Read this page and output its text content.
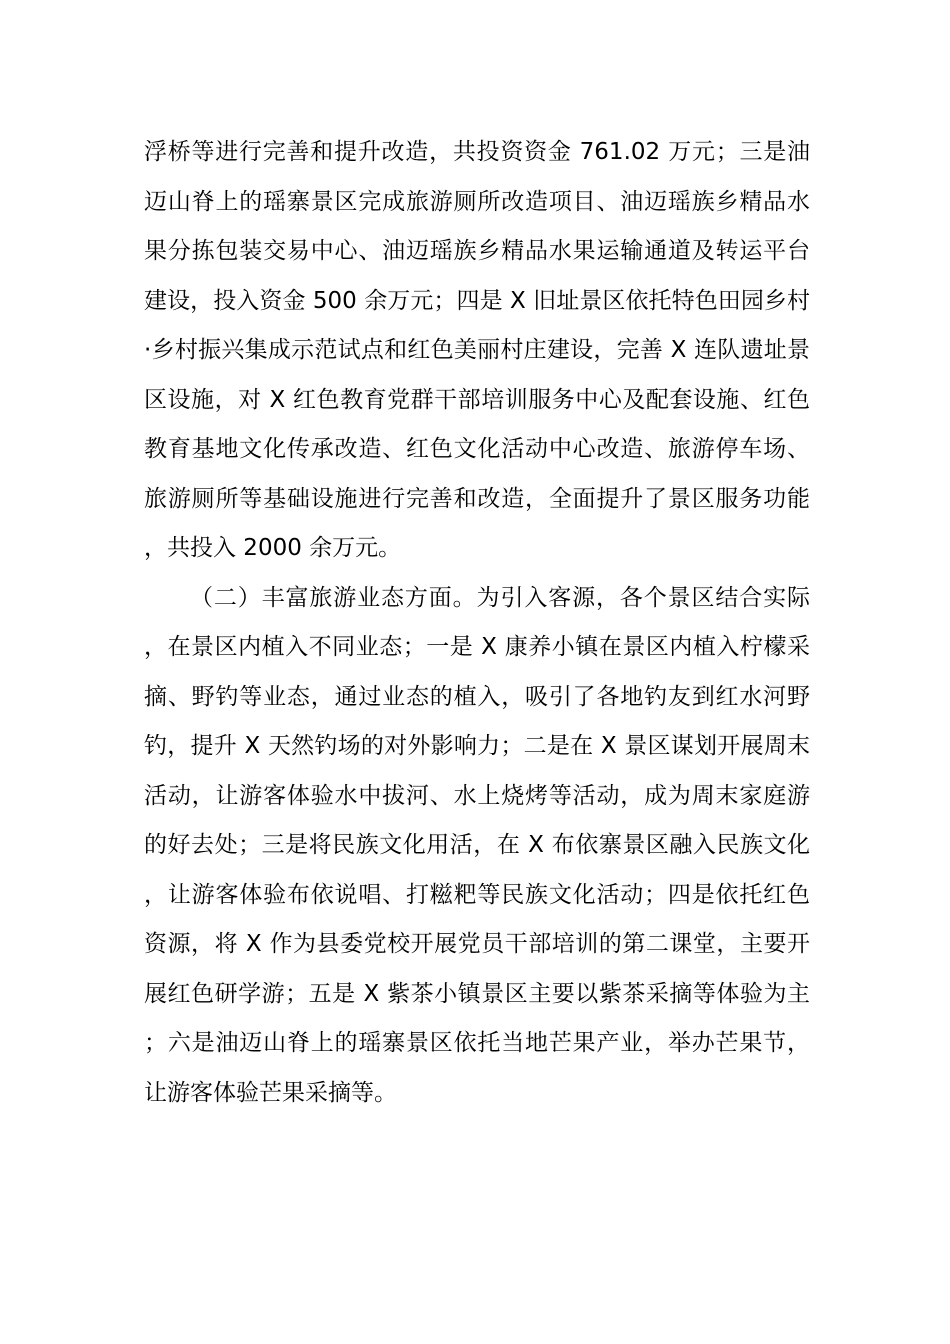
浮桥等进行完善和提升改造，共投资资金 761.02 万元；三是油迈山脊上的瑶寨景区完成旅游厕所改造项目、油迈瑶族乡精品水果分拣包装交易中心、油迈瑶族乡精品水果运输通道及转运平台建设，投入资金 500 余万元；四是 X 旧址景区依托特色田园乡村·乡村振兴集成示范试点和红色美丽村庄建设，完善 X 连队遗址景区设施，对 X 红色教育党群干部培训服务中心及配套设施、红色教育基地文化传承改造、红色文化活动中心改造、旅游停车场、旅游厕所等基础设施进行完善和改造，全面提升了景区服务功能，共投入 2000 余万元。

（二）丰富旅游业态方面。为引入客源，各个景区结合实际，在景区内植入不同业态；一是 X 康养小镇在景区内植入柠檬采摘、野钓等业态，通过业态的植入，吸引了各地钓友到红水河野钓，提升 X 天然钓场的对外影响力；二是在 X 景区谋划开展周末活动，让游客体验水中拔河、水上烧烤等活动，成为周末家庭游的好去处；三是将民族文化用活，在 X 布依寨景区融入民族文化，让游客体验布依说唱、打糍粑等民族文化活动；四是依托红色资源，将 X 作为县委党校开展党员干部培训的第二课堂，主要开展红色研学游；五是 X 紫茶小镇景区主要以紫茶采摘等体验为主；六是油迈山脊上的瑶寨景区依托当地芒果产业，举办芒果节，让游客体验芒果采摘等。
